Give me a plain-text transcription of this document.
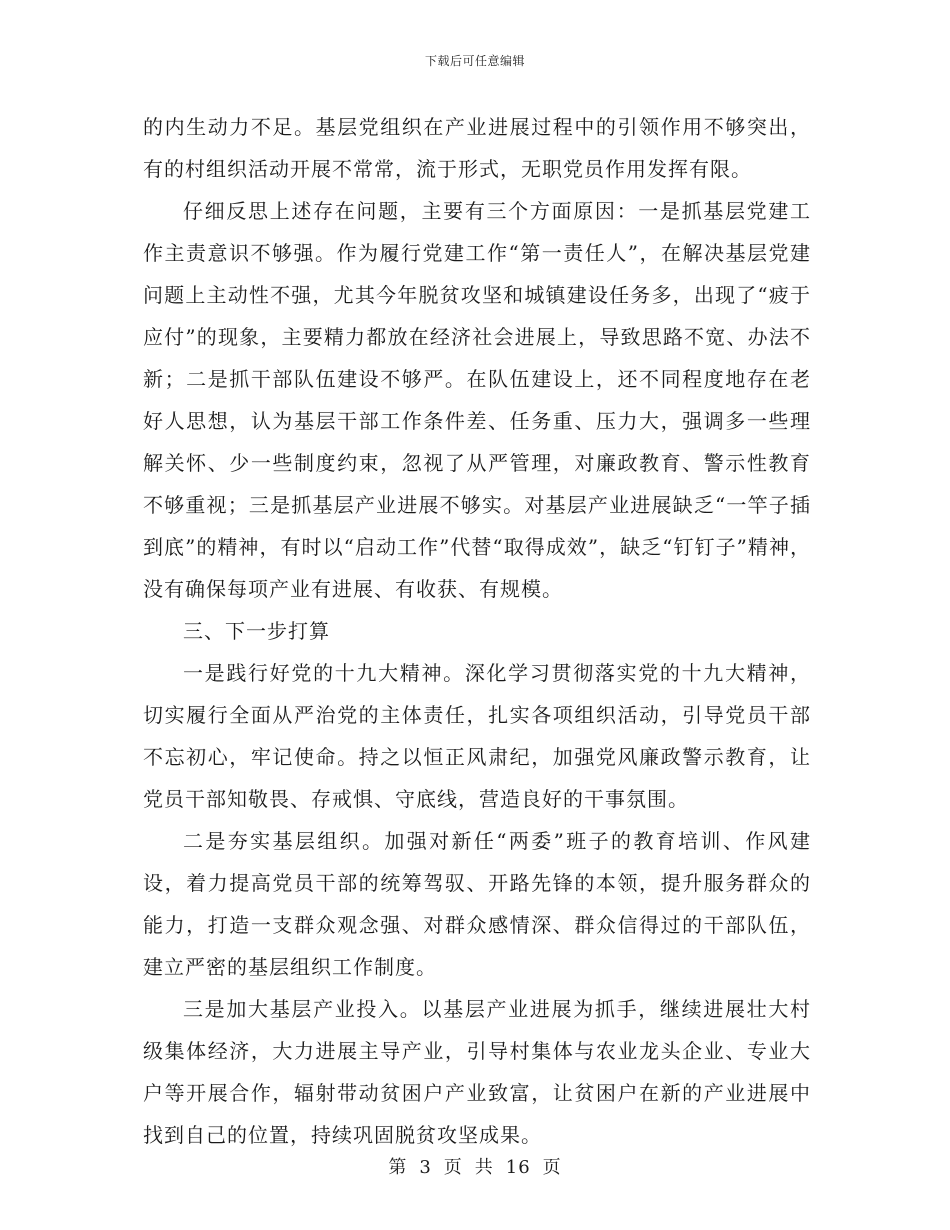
下载后可任意编辑

的内生动力不足。基层党组织在产业进展过程中的引领作用不够突出，有的村组织活动开展不常常，流于形式，无职党员作用发挥有限。

仔细反思上述存在问题，主要有三个方面原因：一是抓基层党建工作主责意识不够强。作为履行党建工作“第一责任人”，在解决基层党建问题上主动性不强，尤其今年脱贫攻坚和城镇建设任务多，出现了“疲于应付”的现象，主要精力都放在经济社会进展上，导致思路不宽、办法不新；二是抓干部队伍建设不够严。在队伍建设上，还不同程度地存在老好人思想，认为基层干部工作条件差、任务重、压力大，强调多一些理解关怀、少一些制度约束，忽视了从严管理，对廉政教育、警示性教育不够重视；三是抓基层产业进展不够实。对基层产业进展缺乏“一竿子插到底”的精神，有时以“启动工作”代替“取得成效”，缺乏“钉钉子”精神，没有确保每项产业有进展、有收获、有规模。

三、下一步打算

一是践行好党的十九大精神。深化学习贯彻落实党的十九大精神，切实履行全面从严治党的主体责任，扎实各项组织活动，引导党员干部不忘初心，牢记使命。持之以恒正风肃纪，加强党风廉政警示教育，让党员干部知敬畏、存戒惧、守底线，营造良好的干事氛围。

二是夯实基层组织。加强对新任“两委”班子的教育培训、作风建设，着力提高党员干部的统筹驾驭、开路先锋的本领，提升服务群众的能力，打造一支群众观念强、对群众感情深、群众信得过的干部队伍，建立严密的基层组织工作制度。

三是加大基层产业投入。以基层产业进展为抓手，继续进展壮大村级集体经济，大力进展主导产业，引导村集体与农业龙头企业、专业大户等开展合作，辐射带动贫困户产业致富，让贫困户在新的产业进展中找到自己的位置，持续巩固脱贫攻坚成果。

第 3 页 共 16 页
